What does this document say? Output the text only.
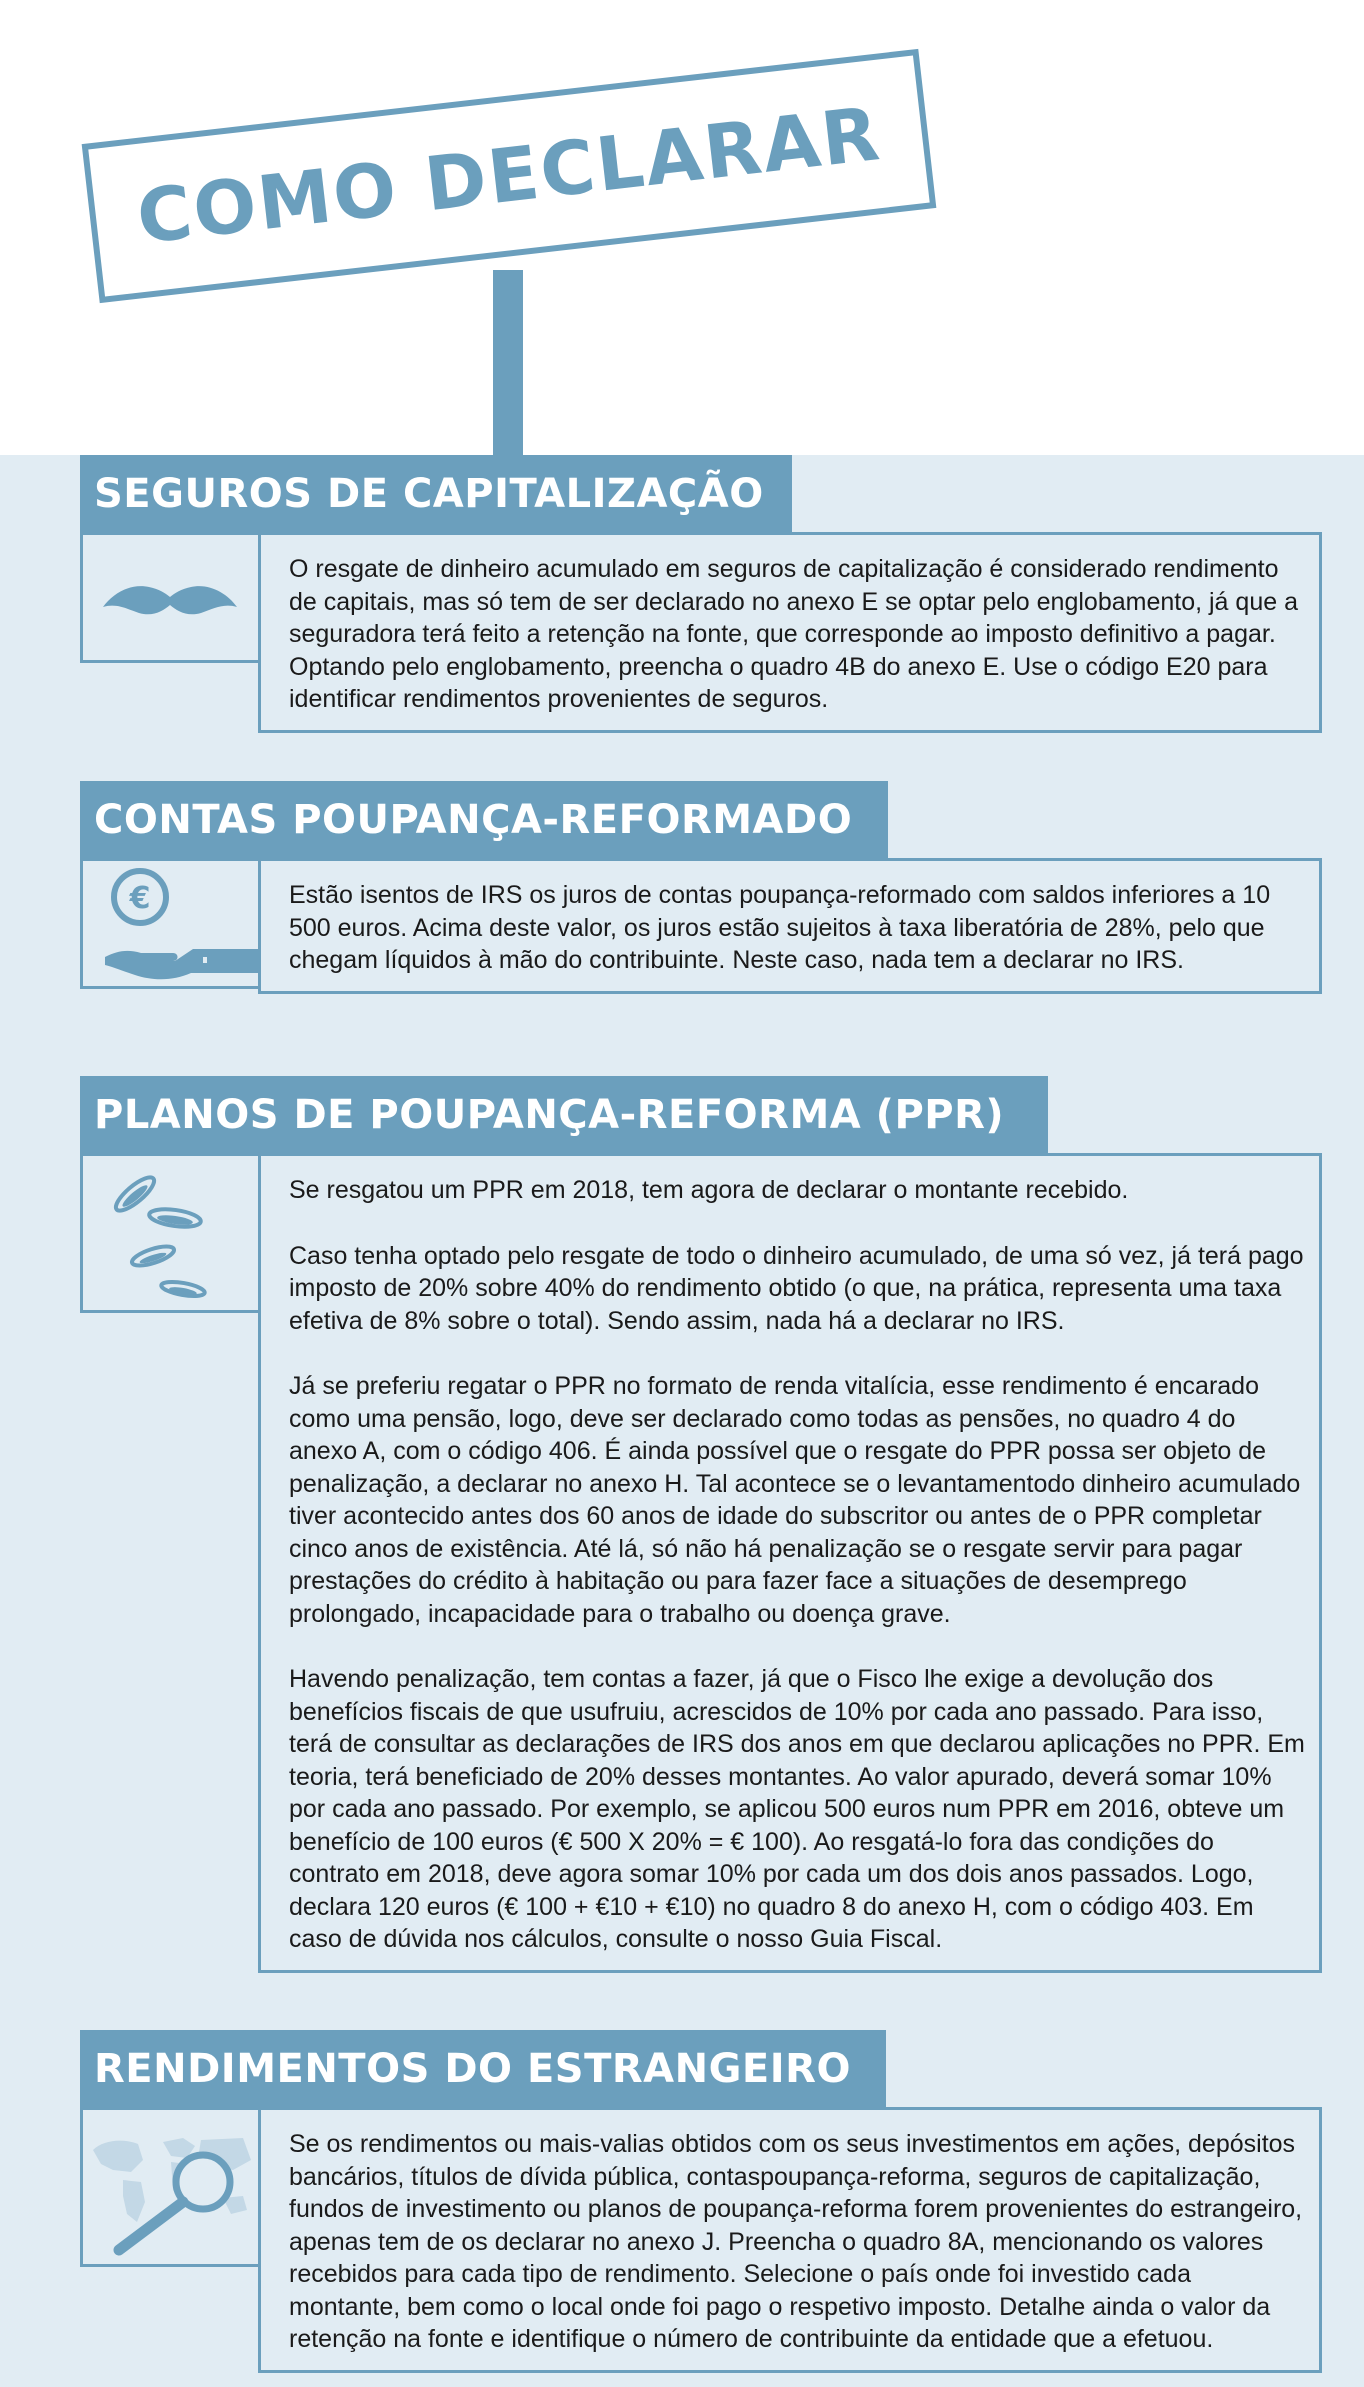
COMO DECLARAR
SEGUROS DE CAPITALIZAÇÃO

O resgate de dinheiro acumulado em seguros de capitalização é considerado rendimento de capitais, mas só tem de ser declarado no anexo E se optar pelo englobamento, já que a seguradora terá feito a retenção na fonte, que corresponde ao imposto definitivo a pagar. Optando pelo englobamento, preencha o quadro 4B do anexo E. Use o código E20 para identificar rendimentos provenientes de seguros.

CONTAS POUPANÇA-REFORMADO
€	Estão isentos de IRS os juros de contas poupança-reformado com saldos inferiores a 10 500 euros. Acima deste valor, os juros estão sujeitos à taxa liberatória de 28%, pelo que chegam líquidos à mão do contribuinte. Neste caso, nada tem a declarar no IRS.

PLANOS DE POUPANÇA-REFORMA (PPR)

Se resgatou um PPR em 2018, tem agora de declarar o montante recebido.

Caso tenha optado pelo resgate de todo o dinheiro acumulado, de uma só vez, já terá pago imposto de 20% sobre 40% do rendimento obtido (o que, na prática, representa uma taxa efetiva de 8% sobre o total). Sendo assim, nada há a declarar no IRS.

Já se preferiu regatar o PPR no formato de renda vitalícia, esse rendimento é encarado como uma pensão, logo, deve ser declarado como todas as pensões, no quadro 4 do anexo A, com o código 406. É ainda possível que o resgate do PPR possa ser objeto de penalização, a declarar no anexo H. Tal acontece se o levantamentodo dinheiro acumulado tiver acontecido antes dos 60 anos de idade do subscritor ou antes de o PPR completar cinco anos de existência. Até lá, só não há penalização se o resgate servir para pagar prestações do crédito à habitação ou para fazer face a situações de desemprego prolongado, incapacidade para o trabalho ou doença grave.

Havendo penalização, tem contas a fazer, já que o Fisco lhe exige a devolução dos benefícios fiscais de que usufruiu, acrescidos de 10% por cada ano passado. Para isso, terá de consultar as declarações de IRS dos anos em que declarou aplicações no PPR. Em teoria, terá beneficiado de 20% desses montantes. Ao valor apurado, deverá somar 10% por cada ano passado. Por exemplo, se aplicou 500 euros num PPR em 2016, obteve um benefício de 100 euros (€ 500 X 20% = € 100). Ao resgatá-lo fora das condições do contrato em 2018, deve agora somar 10% por cada um dos dois anos passados. Logo, declara 120 euros (€ 100 + €10 + €10) no quadro 8 do anexo H, com o código 403. Em caso de dúvida nos cálculos, consulte o nosso Guia Fiscal.

RENDIMENTOS DO ESTRANGEIRO

Se os rendimentos ou mais-valias obtidos com os seus investimentos em ações, depósitos bancários, títulos de dívida pública, contaspoupança-reforma, seguros de capitalização, fundos de investimento ou planos de poupança-reforma forem provenientes do estrangeiro, apenas tem de os declarar no anexo J. Preencha o quadro 8A, mencionando os valores recebidos para cada tipo de rendimento. Selecione o país onde foi investido cada montante, bem como o local onde foi pago o respetivo imposto. Detalhe ainda o valor da retenção na fonte e identifique o número de contribuinte da entidade que a efetuou.
